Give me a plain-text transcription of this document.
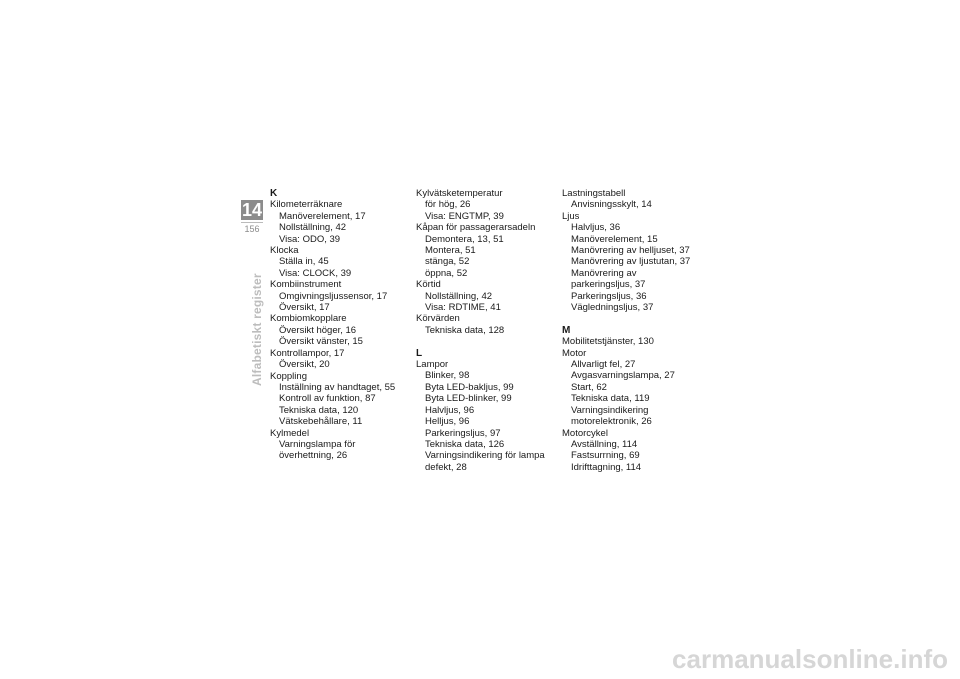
14
156
Alfabetiskt register
K
Kilometerräknare
Manöverelement, 17
Nollställning, 42
Visa: ODO, 39
Klocka
Ställa in, 45
Visa: CLOCK, 39
Kombiinstrument
Omgivningsljussensor, 17
Översikt, 17
Kombiomkopplare
Översikt höger, 16
Översikt vänster, 15
Kontrollampor, 17
Översikt, 20
Koppling
Inställning av handtaget, 55
Kontroll av funktion, 87
Tekniska data, 120
Vätskebehållare, 11
Kylmedel
Varningslampa för
överhettning, 26
Kylvätsketemperatur
för hög, 26
Visa: ENGTMP, 39
Kåpan för passagerarsadeln
Demontera, 13, 51
Montera, 51
stänga, 52
öppna, 52
Körtid
Nollställning, 42
Visa: RDTIME, 41
Körvärden
Tekniska data, 128
L
Lampor
Blinker, 98
Byta LED-bakljus, 99
Byta LED-blinker, 99
Halvljus, 96
Helljus, 96
Parkeringsljus, 97
Tekniska data, 126
Varningsindikering för lampa
defekt, 28
Lastningstabell
Anvisningsskylt, 14
Ljus
Halvljus, 36
Manöverelement, 15
Manövrering av helljuset, 37
Manövrering av ljustutan, 37
Manövrering av
parkeringsljus, 37
Parkeringsljus, 36
Vägledningsljus, 37
M
Mobilitetstjänster, 130
Motor
Allvarligt fel, 27
Avgasvarningslampa, 27
Start, 62
Tekniska data, 119
Varningsindikering
motorelektronik, 26
Motorcykel
Avställning, 114
Fastsurrning, 69
Idrifttagning, 114
carmanualsonline.info
